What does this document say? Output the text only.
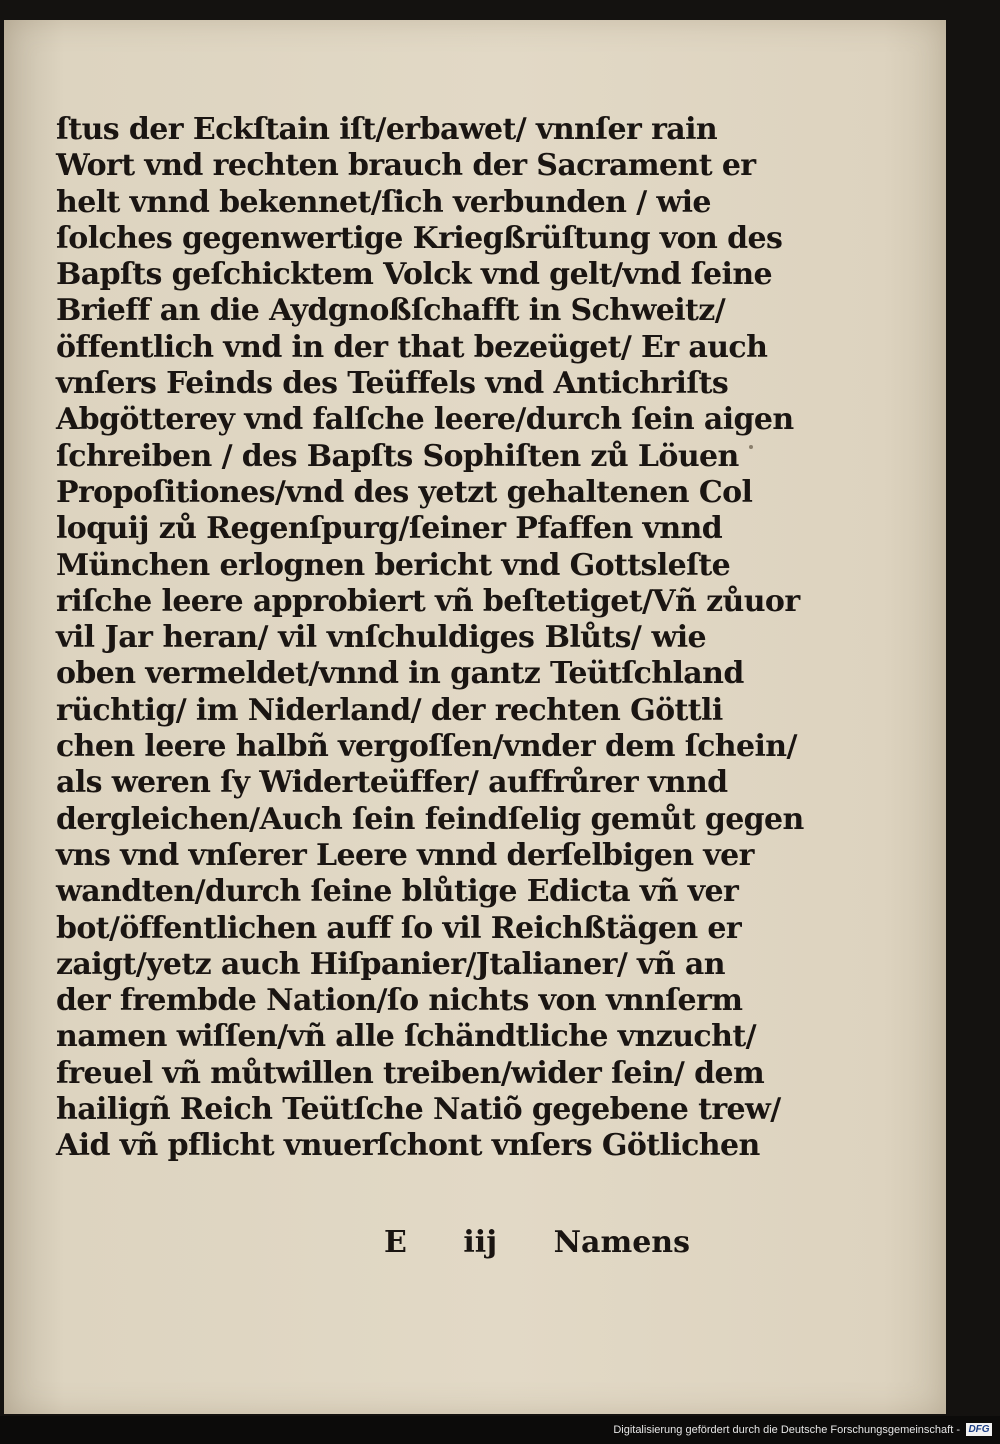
ſtus der Eckſtain iſt/erbawet/ vnnſer rain
Wort vnd rechten brauch der Sacrament er
helt vnnd bekennet/ſich verbunden / wie
ſolches gegenwertige Kriegßrüſtung von des
Bapſts geſchicktem Volck vnd gelt/vnd ſeine
Brieff an die Aydgnoßſchafft in Schweitz/
öffentlich vnd in der that bezeüget/ Er auch
vnſers Feinds des Teüffels vnd Antichriſts
Abgötterey vnd falſche leere/durch ſein aigen
ſchreiben / des Bapſts Sophiſten zů Löuen
Propoſitiones/vnd des yetzt gehaltenen Col
loquij zů Regenſpurg/ſeiner Pfaffen vnnd
München erlognen bericht vnd Gottsleſte
riſche leere approbiert vñ beſtetiget/Vñ zůuor
vil Jar heran/ vil vnſchuldiges Blůts/ wie
oben vermeldet/vnnd in gantz Teütſchland
rüchtig/ im Niderland/ der rechten Göttli
chen leere halbñ vergoſſen/vnder dem ſchein/
als weren ſy Widerteüffer/ auffrůrer vnnd
dergleichen/Auch ſein feindſelig gemůt gegen
vns vnd vnſerer Leere vnnd derſelbigen ver
wandten/durch ſeine blůtige Edicta vñ ver
bot/öffentlichen auff ſo vil Reichßtägen er
zaigt/yetz auch Hiſpanier/Jtalianer/ vñ an
der frembde Nation/ſo nichts von vnnſerm
namen wiſſen/vñ alle ſchändtliche vnzucht/
freuel vñ můtwillen treiben/wider ſein/ dem
hailigñ Reich Teütſche Natiõ gegebene trew/
Aid vñ pflicht vnuerſchont vnſers Götlichen
E iij Namens
Digitalisierung gefördert durch die Deutsche Forschungsgemeinschaft - DFG
